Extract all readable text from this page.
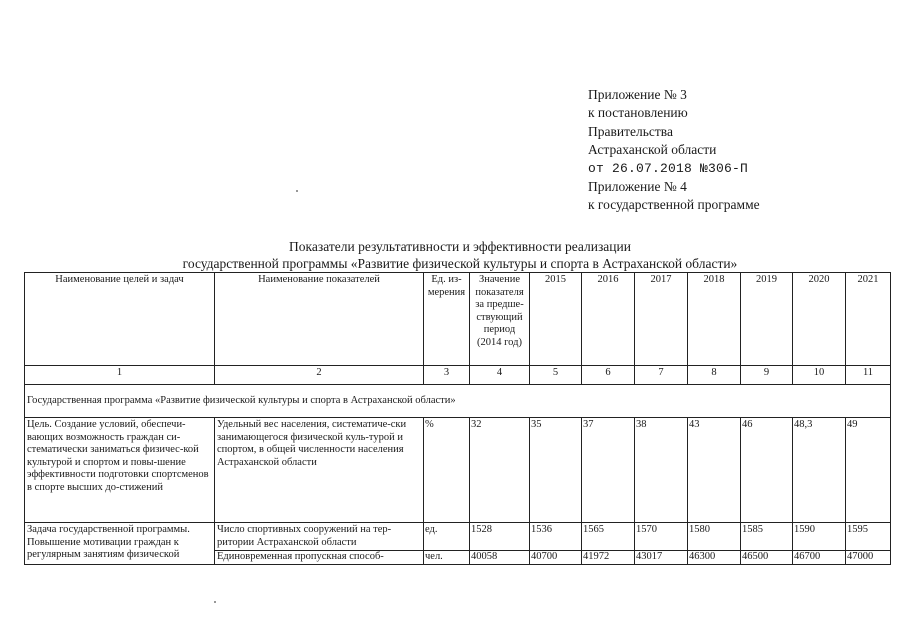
Приложение № 3
к постановлению
Правительства
Астраханской области
от 26.07.2018 №306-П
Приложение № 4
к государственной программе
Показатели результативности и эффективности реализации
государственной программы «Развитие физической культуры и спорта в Астраханской области»
Наименование целей и задач	Наименование показателей	Ед. из-мерения	Значение показателя за предше-ствующий период (2014 год)	2015	2016	2017	2018	2019	2020	2021
1	2	3	4	5	6	7	8	9	10	11
Государственная программа «Развитие физической культуры и спорта в Астраханской области»										
Цель. Создание условий, обеспечи-вающих возможность граждан си-стематически заниматься физичес-кой культурой и спортом и повы-шение эффективности подготовки спортсменов в спорте высших до-стижений	Удельный вес населения, систематиче-ски занимающегося физической куль-турой и спортом, в общей численности населения Астраханской области	%	32	35	37	38	43	46	48,3	49
Задача государственной программы. Повышение мотивации граждан к регулярным занятиям физической	Число спортивных сооружений на тер-ритории Астраханской области	ед.	1528	1536	1565	1570	1580	1585	1590	1595
	Единовременная пропускная способ-	чел.	40058	40700	41972	43017	46300	46500	46700	47000
